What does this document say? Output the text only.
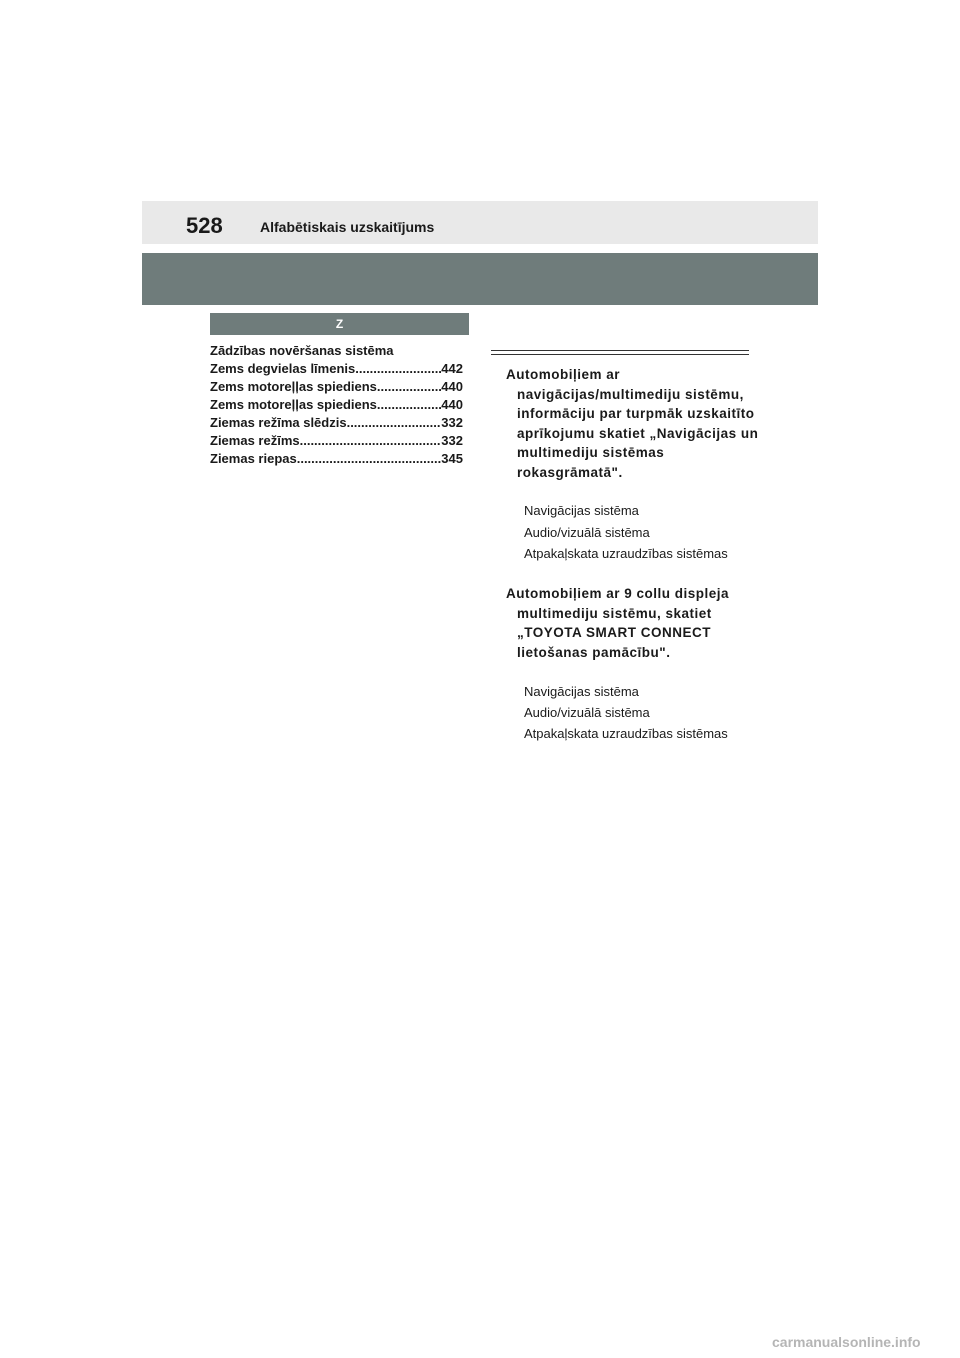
528	Alfabētiskais uzskaitījums
Z
Zādzības novēršanas sistēma
Zems degvielas līmenis .....	442
Zems motoreļļas spiediens .....	440
Zems motoreļļas spiediens .....	440
Ziemas režīma slēdzis .....	332
Ziemas režīms .....	332
Ziemas riepas .....	345

Automobiļiem ar navigācijas/multimediju sistēmu, informāciju par turpmāk uzskaitīto aprīkojumu skatiet „Navigācijas un multimediju sistēmas rokasgrāmatā".

Navigācijas sistēma

Audio/vizuālā sistēma

Atpakaļskata uzraudzības sistēmas

Automobiļiem ar 9 collu displeja multimediju sistēmu, skatiet „TOYOTA SMART CONNECT lietošanas pamācību".

Navigācijas sistēma

Audio/vizuālā sistēma

Atpakaļskata uzraudzības sistēmas

carmanualsonline.info
